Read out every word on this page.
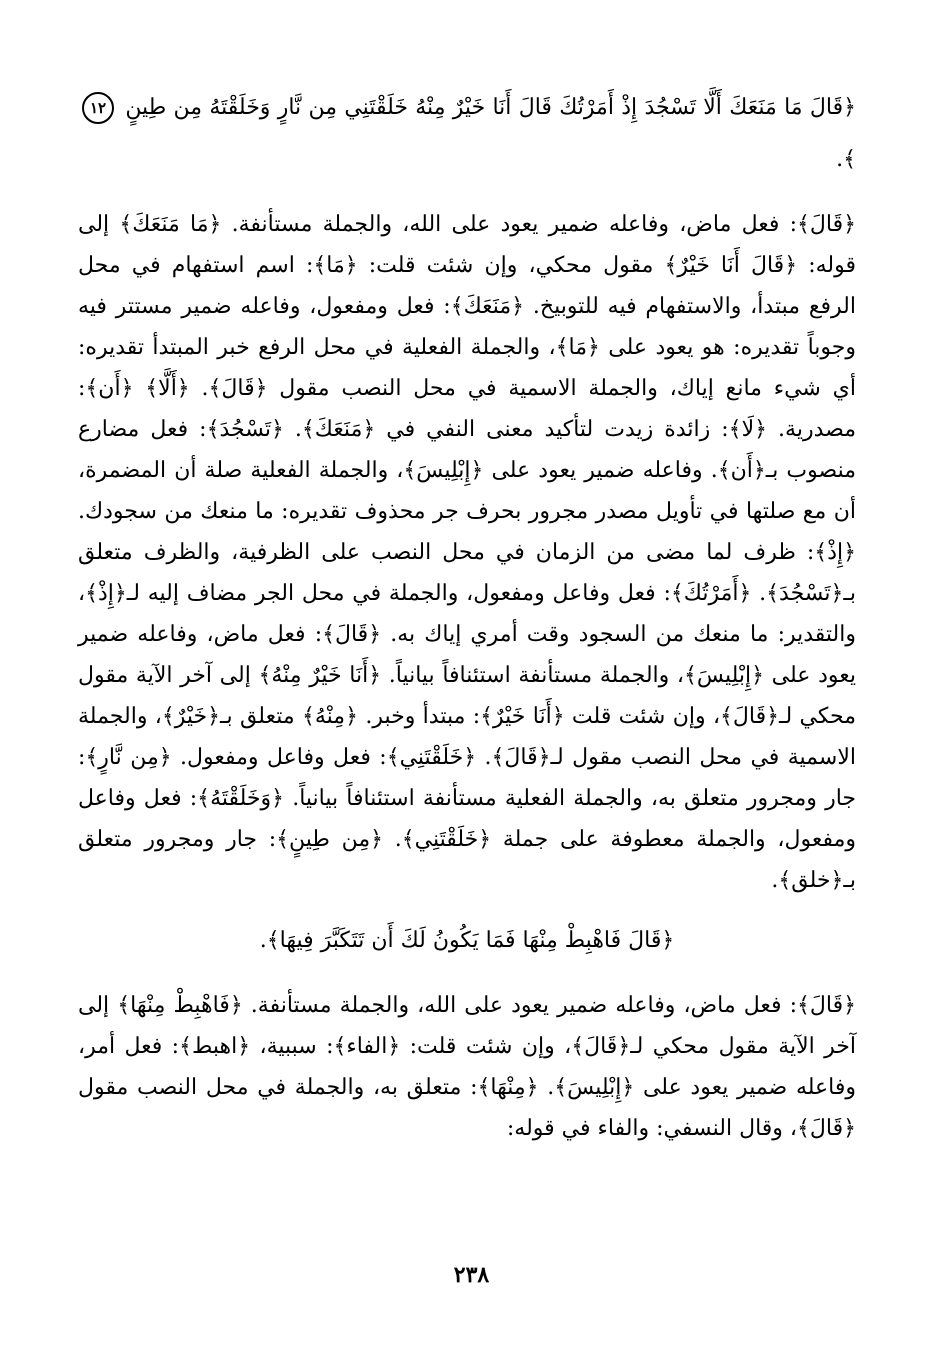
﴿قَالَ مَا مَنَعَكَ أَلَّا تَسْجُدَ إِذْ أَمَرْتُكَ قَالَ أَنَا خَيْرٌ مِنْهُ خَلَقْتَنِي مِن نَّارٍ وَخَلَقْتَهُ مِن طِينٍ ١٢﴾.

﴿قَالَ﴾: فعل ماض، وفاعله ضمير يعود على الله، والجملة مستأنفة. ﴿مَا مَنَعَكَ﴾ إلى قوله: ﴿قَالَ أَنَا خَيْرٌ﴾ مقول محكي، وإن شئت قلت: ﴿مَا﴾: اسم استفهام في محل الرفع مبتدأ، والاستفهام فيه للتوبيخ. ﴿مَنَعَكَ﴾: فعل ومفعول، وفاعله ضمير مستتر فيه وجوباً تقديره: هو يعود على ﴿مَا﴾، والجملة الفعلية في محل الرفع خبر المبتدأ تقديره: أي شيء مانع إياك، والجملة الاسمية في محل النصب مقول ﴿قَالَ﴾. ﴿أَلَّا﴾ ﴿أَن﴾: مصدرية. ﴿لَا﴾: زائدة زيدت لتأكيد معنى النفي في ﴿مَنَعَكَ﴾. ﴿تَسْجُدَ﴾: فعل مضارع منصوب بـ﴿أَن﴾. وفاعله ضمير يعود على ﴿إِبْلِيسَ﴾، والجملة الفعلية صلة أن المضمرة، أن مع صلتها في تأويل مصدر مجرور بحرف جر محذوف تقديره: ما منعك من سجودك. ﴿إِذْ﴾: ظرف لما مضى من الزمان في محل النصب على الظرفية، والظرف متعلق بـ﴿تَسْجُدَ﴾. ﴿أَمَرْتُكَ﴾: فعل وفاعل ومفعول، والجملة في محل الجر مضاف إليه لـ﴿إِذْ﴾، والتقدير: ما منعك من السجود وقت أمري إياك به. ﴿قَالَ﴾: فعل ماض، وفاعله ضمير يعود على ﴿إِبْلِيسَ﴾، والجملة مستأنفة استئنافاً بيانياً. ﴿أَنَا خَيْرٌ مِنْهُ﴾ إلى آخر الآية مقول محكي لـ﴿قَالَ﴾، وإن شئت قلت ﴿أَنَا خَيْرٌ﴾: مبتدأ وخبر. ﴿مِنْهُ﴾ متعلق بـ﴿خَيْرٌ﴾، والجملة الاسمية في محل النصب مقول لـ﴿قَالَ﴾. ﴿خَلَقْتَنِي﴾: فعل وفاعل ومفعول. ﴿مِن نَّارٍ﴾: جار ومجرور متعلق به، والجملة الفعلية مستأنفة استئنافاً بيانياً. ﴿وَخَلَقْتَهُ﴾: فعل وفاعل ومفعول، والجملة معطوفة على جملة ﴿خَلَقْتَنِي﴾. ﴿مِن طِينٍ﴾: جار ومجرور متعلق بـ﴿خلق﴾.

﴿قَالَ فَاهْبِطْ مِنْهَا فَمَا يَكُونُ لَكَ أَن تَتَكَبَّرَ فِيهَا﴾.

﴿قَالَ﴾: فعل ماض، وفاعله ضمير يعود على الله، والجملة مستأنفة. ﴿فَاهْبِطْ مِنْهَا﴾ إلى آخر الآية مقول محكي لـ﴿قَالَ﴾، وإن شئت قلت: ﴿الفاء﴾: سببية، ﴿اهبط﴾: فعل أمر، وفاعله ضمير يعود على ﴿إِبْلِيسَ﴾. ﴿مِنْهَا﴾: متعلق به، والجملة في محل النصب مقول ﴿قَالَ﴾، وقال النسفي: والفاء في قوله:

٢٣٨
